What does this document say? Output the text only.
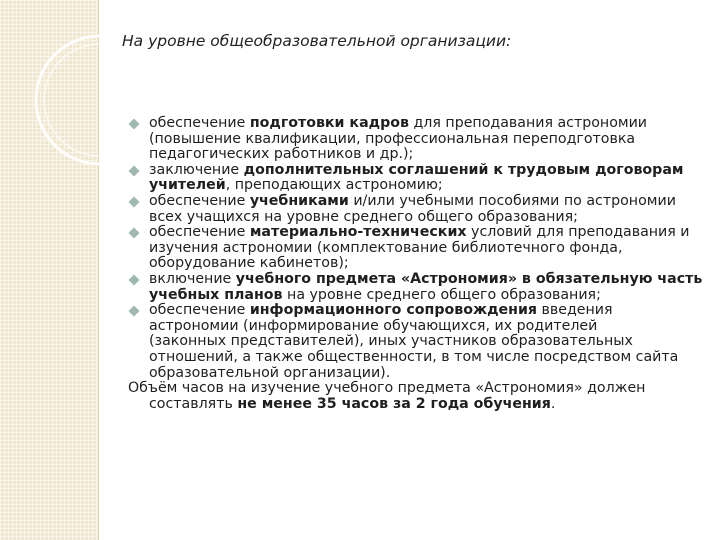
На уровне общеобразовательной организации:
обеспечение подготовки кадров для преподавания астрономии
(повышение квалификации, профессиональная переподготовка
педагогических работников и др.);
заключение дополнительных соглашений к трудовым договорам
учителей, преподающих астрономию;
обеспечение учебниками и/или учебными пособиями по астрономии
всех учащихся на уровне среднего общего образования;
обеспечение материально-технических условий для преподавания и
изучения астрономии (комплектование библиотечного фонда,
оборудование кабинетов);
включение учебного предмета «Астрономия» в обязательную часть
учебных планов на уровне среднего общего образования;
обеспечение информационного сопровождения введения
астрономии (информирование обучающихся, их родителей
(законных представителей), иных участников образовательных
отношений, а также общественности, в том числе посредством сайта
образовательной организации).
Объём часов на изучение учебного предмета «Астрономия» должен
составлять не менее 35 часов за 2 года обучения.
